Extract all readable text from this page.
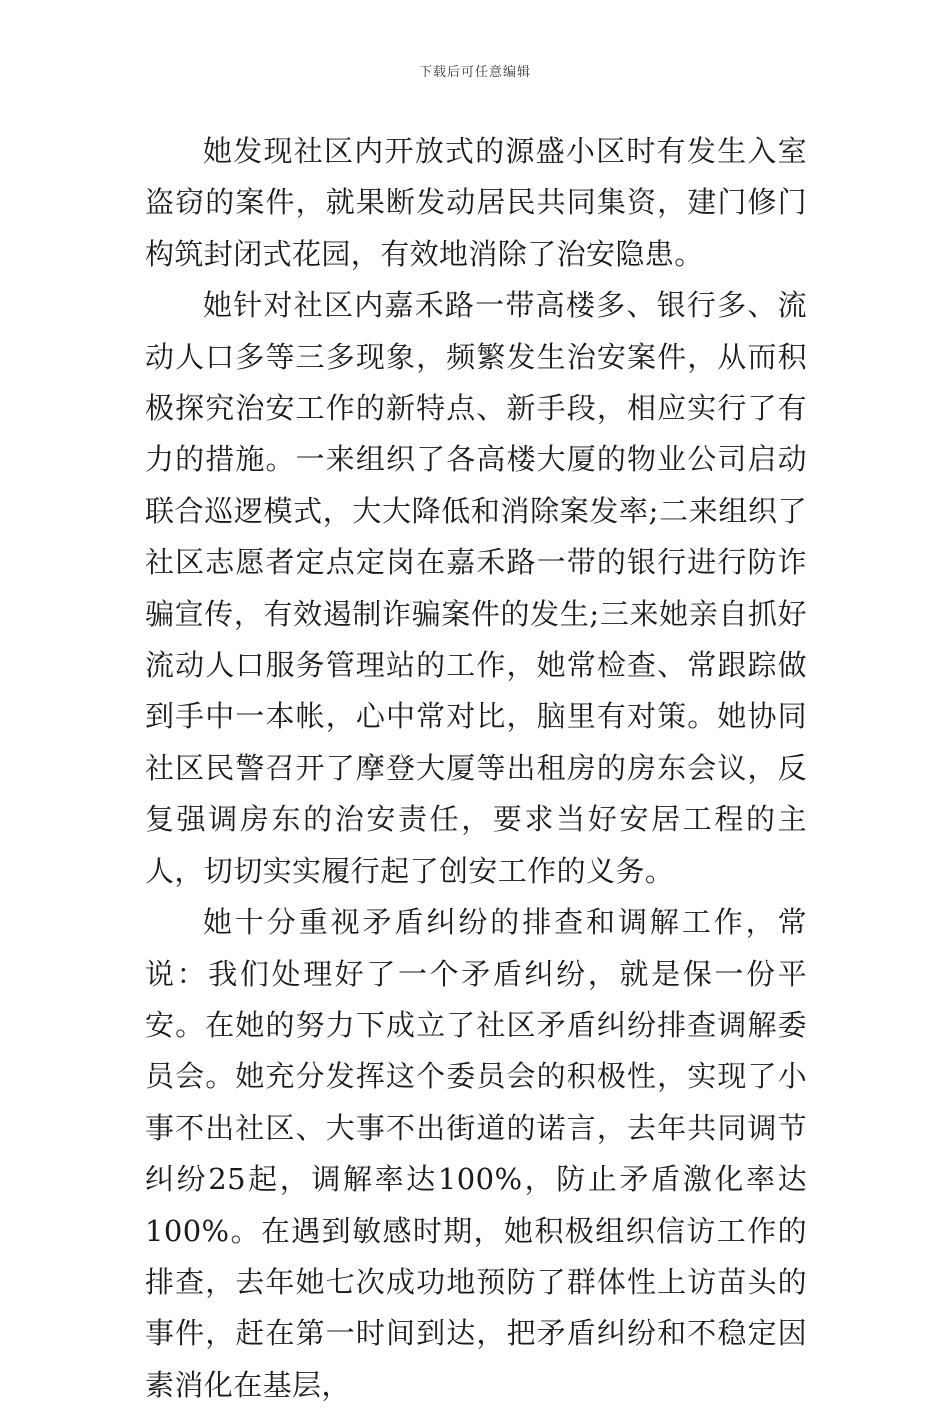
下载后可任意编辑

她发现社区内开放式的源盛小区时有发生入室盗窃的案件，就果断发动居民共同集资，建门修门构筑封闭式花园，有效地消除了治安隐患。

她针对社区内嘉禾路一带高楼多、银行多、流动人口多等三多现象，频繁发生治安案件，从而积极探究治安工作的新特点、新手段，相应实行了有力的措施。一来组织了各高楼大厦的物业公司启动联合巡逻模式，大大降低和消除案发率;二来组织了社区志愿者定点定岗在嘉禾路一带的银行进行防诈骗宣传，有效遏制诈骗案件的发生;三来她亲自抓好流动人口服务管理站的工作，她常检查、常跟踪做到手中一本帐，心中常对比，脑里有对策。她协同社区民警召开了摩登大厦等出租房的房东会议，反复强调房东的治安责任，要求当好安居工程的主人，切切实实履行起了创安工作的义务。

她十分重视矛盾纠纷的排查和调解工作，常说：我们处理好了一个矛盾纠纷，就是保一份平安。在她的努力下成立了社区矛盾纠纷排查调解委员会。她充分发挥这个委员会的积极性，实现了小事不出社区、大事不出街道的诺言，去年共同调节纠纷25起，调解率达100%，防止矛盾激化率达100%。在遇到敏感时期，她积极组织信访工作的排查，去年她七次成功地预防了群体性上访苗头的事件，赶在第一时间到达，把矛盾纠纷和不稳定因素消化在基层，
